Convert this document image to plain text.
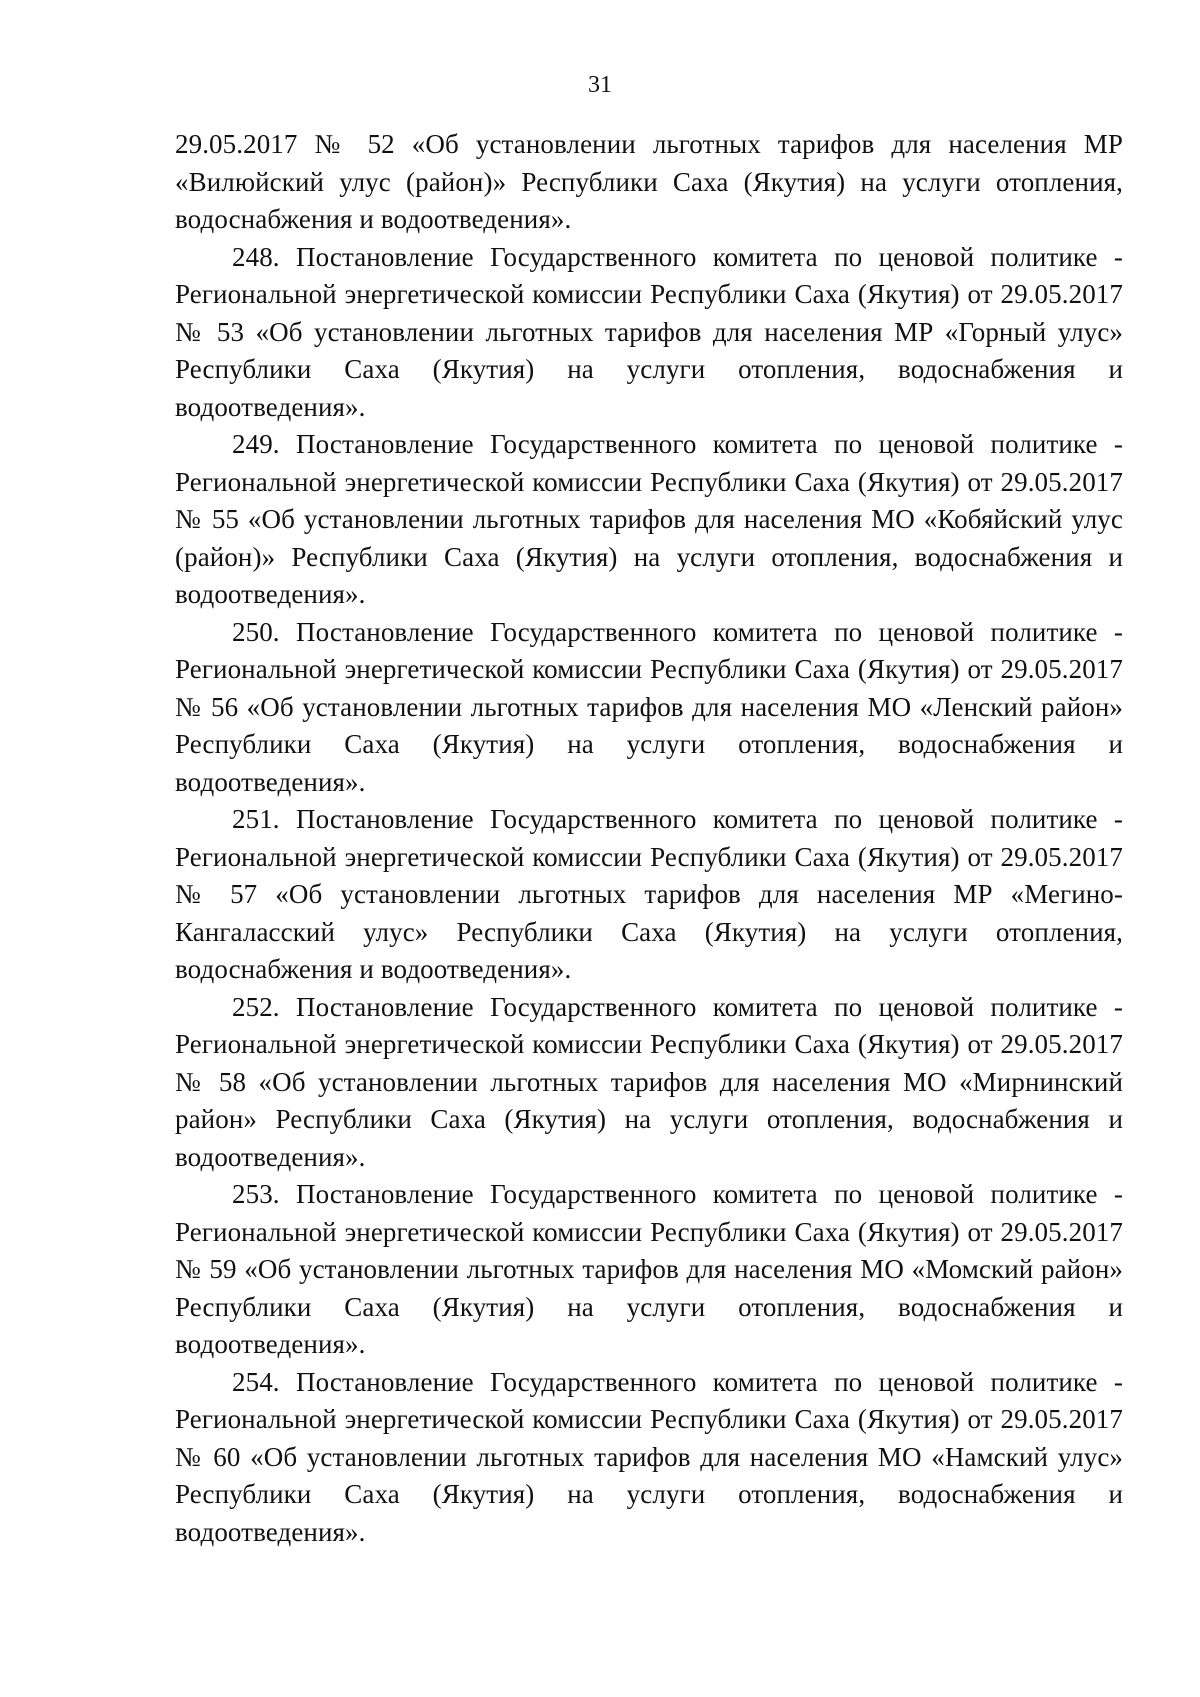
31

29.05.2017 № 52 «Об установлении льготных тарифов для населения МР «Вилюйский улус (район)» Республики Саха (Якутия) на услуги отопления, водоснабжения и водоотведения».

248. Постановление Государственного комитета по ценовой политике - Региональной энергетической комиссии Республики Саха (Якутия) от 29.05.2017 № 53 «Об установлении льготных тарифов для населения МР «Горный улус» Республики Саха (Якутия) на услуги отопления, водоснабжения и водоотведения».

249. Постановление Государственного комитета по ценовой политике - Региональной энергетической комиссии Республики Саха (Якутия) от 29.05.2017 № 55 «Об установлении льготных тарифов для населения МО «Кобяйский улус (район)» Республики Саха (Якутия) на услуги отопления, водоснабжения и водоотведения».

250. Постановление Государственного комитета по ценовой политике - Региональной энергетической комиссии Республики Саха (Якутия) от 29.05.2017 № 56 «Об установлении льготных тарифов для населения МО «Ленский район» Республики Саха (Якутия) на услуги отопления, водоснабжения и водоотведения».

251. Постановление Государственного комитета по ценовой политике - Региональной энергетической комиссии Республики Саха (Якутия) от 29.05.2017 № 57 «Об установлении льготных тарифов для населения МР «Мегино-Кангаласский улус» Республики Саха (Якутия) на услуги отопления, водоснабжения и водоотведения».

252. Постановление Государственного комитета по ценовой политике - Региональной энергетической комиссии Республики Саха (Якутия) от 29.05.2017 № 58 «Об установлении льготных тарифов для населения МО «Мирнинский район» Республики Саха (Якутия) на услуги отопления, водоснабжения и водоотведения».

253. Постановление Государственного комитета по ценовой политике - Региональной энергетической комиссии Республики Саха (Якутия) от 29.05.2017 № 59 «Об установлении льготных тарифов для населения МО «Момский район» Республики Саха (Якутия) на услуги отопления, водоснабжения и водоотведения».

254. Постановление Государственного комитета по ценовой политике - Региональной энергетической комиссии Республики Саха (Якутия) от 29.05.2017 № 60 «Об установлении льготных тарифов для населения МО «Намский улус» Республики Саха (Якутия) на услуги отопления, водоснабжения и водоотведения».
